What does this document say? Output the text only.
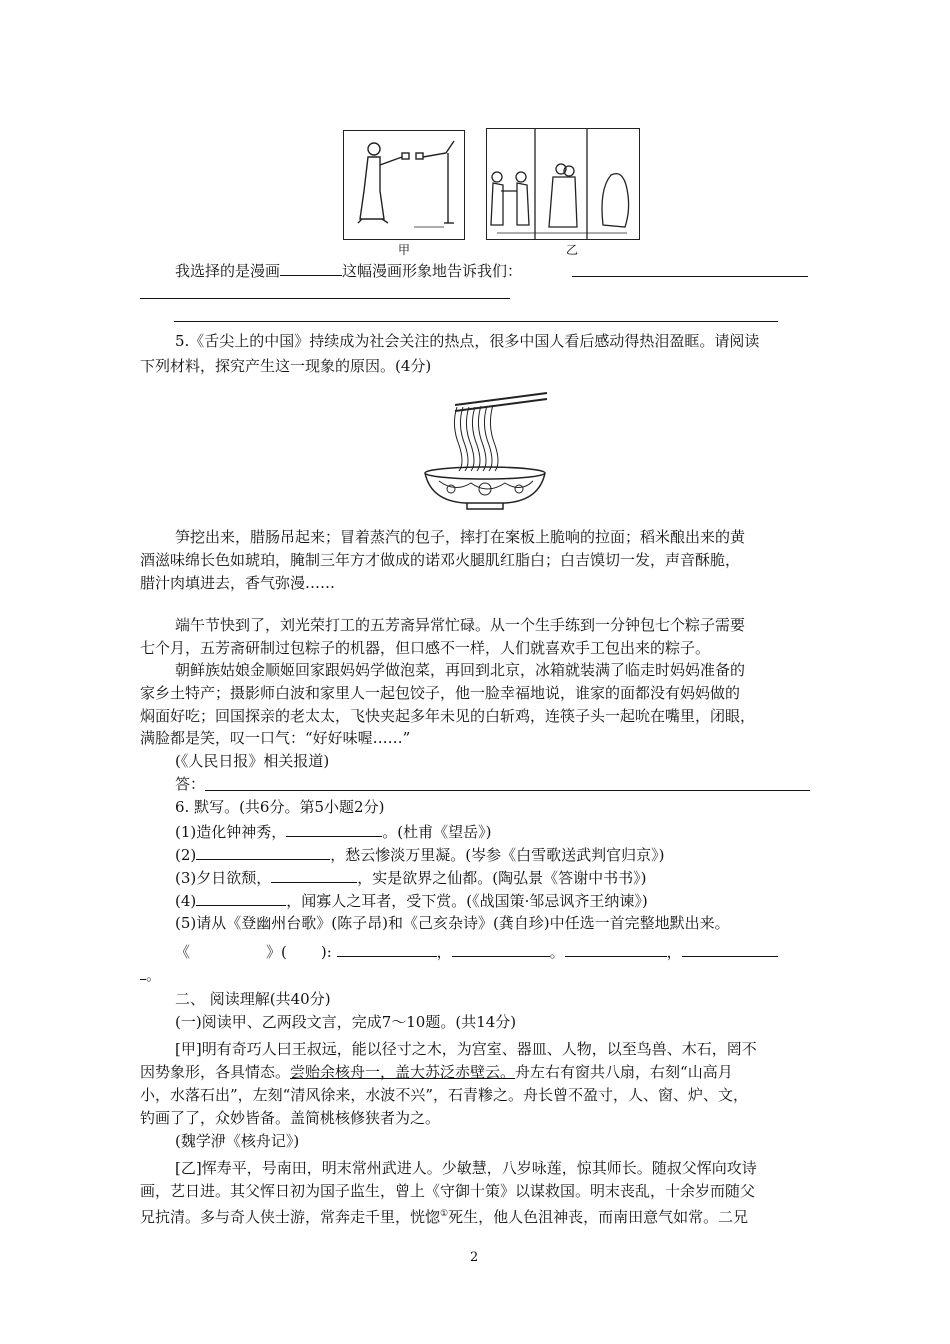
甲	乙
我选择的是漫画	这幅漫画形象地告诉我们：
5.《舌尖上的中国》持续成为社会关注的热点，很多中国人看后感动得热泪盈眶。请阅读
下列材料，探究产生这一现象的原因。(4分)
笋挖出来，腊肠吊起来；冒着蒸汽的包子，摔打在案板上脆响的拉面；稻米酿出来的黄
酒滋味绵长色如琥珀，腌制三年方才做成的诺邓火腿肌红脂白；白吉馍切一发，声音酥脆，
腊汁肉填进去，香气弥漫……
端午节快到了，刘光荣打工的五芳斋异常忙碌。从一个生手练到一分钟包七个粽子需要
七个月，五芳斋研制过包粽子的机器，但口感不一样，人们就喜欢手工包出来的粽子。
朝鲜族姑娘金顺姬回家跟妈妈学做泡菜，再回到北京，冰箱就装满了临走时妈妈准备的
家乡土特产；摄影师白波和家里人一起包饺子，他一脸幸福地说，谁家的面都没有妈妈做的
焖面好吃；回国探亲的老太太，飞快夹起多年未见的白斩鸡，连筷子头一起吮在嘴里，闭眼，
满脸都是笑，叹一口气：“好好味喔……”
(《人民日报》相关报道)
答：
6. 默写。(共6分。第5小题2分)
(1)造化钟神秀，	。(杜甫《望岳》)
(2)	，愁云惨淡万里凝。(岑参《白雪歌送武判官归京》)
(3)夕日欲颓，	，实是欲界之仙都。(陶弘景《答谢中书书》)
(4)	，闻寡人之耳者，受下赏。(《战国策·邹忌讽齐王纳谏》)
(5)请从《登幽州台歌》(陈子昂)和《己亥杂诗》(龚自珍)中任选一首完整地默出来。
《	》( ):	，	。	，
。
二、 阅读理解(共40分)
(一)阅读甲、乙两段文言，完成7～10题。(共14分)
[甲]明有奇巧人曰王叔远，能以径寸之木，为宫室、器皿、人物，以至鸟兽、木石，罔不
因势象形，各具情态。尝贻余核舟一，盖大苏泛赤壁云。舟左右有窗共八扇，右刻“山高月
小，水落石出”，左刻“清风徐来，水波不兴”，石青糁之。舟长曾不盈寸，人、窗、炉、文，
钓画了了，众妙皆备。盖简桃核修狭者为之。
(魏学洢《核舟记》)
[乙]恽寿平，号南田，明末常州武进人。少敏慧，八岁咏莲，惊其师长。随叔父恽向攻诗
画，艺日进。其父恽日初为国子监生，曾上《守御十策》以谋救国。明末丧乱，十余岁而随父
兄抗清。多与奇人侠士游，常奔走千里，恍惚①死生，他人色沮神丧，而南田意气如常。二兄
2
